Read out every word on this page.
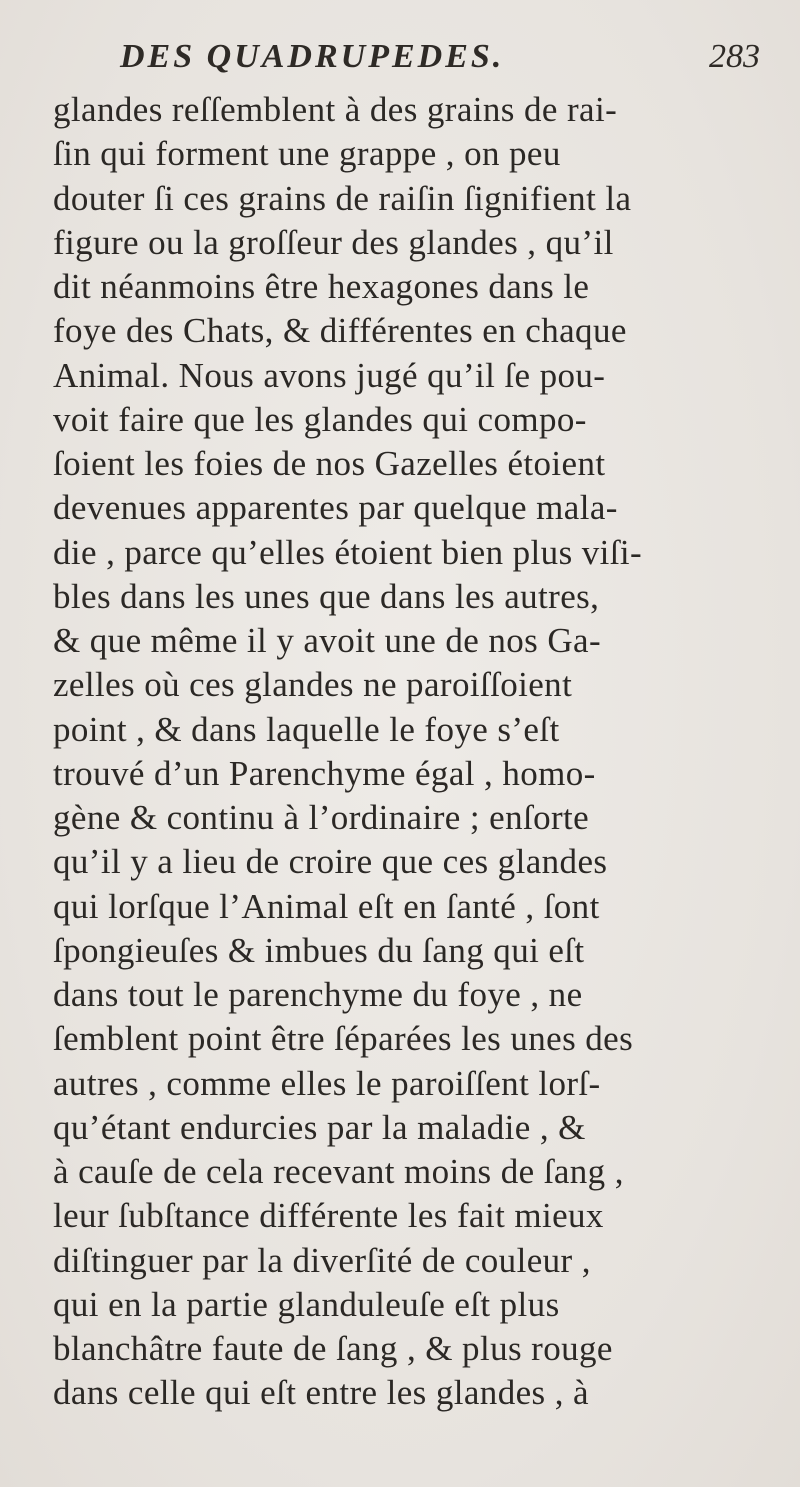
DES QUADRUPEDES.	283
glandes reſſemblent à des grains de rai-
ſin qui forment une grappe , on peu
douter ſi ces grains de raiſin ſignifient la
figure ou la groſſeur des glandes , qu’il
dit néanmoins être hexagones dans le
foye des Chats, & différentes en chaque
Animal. Nous avons jugé qu’il ſe pou-
voit faire que les glandes qui compo-
ſoient les foies de nos Gazelles étoient
devenues apparentes par quelque mala-
die , parce qu’elles étoient bien plus viſi-
bles dans les unes que dans les autres,
& que même il y avoit une de nos Ga-
zelles où ces glandes ne paroiſſoient
point , & dans laquelle le foye s’eſt
trouvé d’un Parenchyme égal , homo-
gène & continu à l’ordinaire ; enſorte
qu’il y a lieu de croire que ces glandes
qui lorſque l’Animal eſt en ſanté , ſont
ſpongieuſes & imbues du ſang qui eſt
dans tout le parenchyme du foye , ne
ſemblent point être ſéparées les unes des
autres , comme elles le paroiſſent lorſ-
qu’étant endurcies par la maladie , &
à cauſe de cela recevant moins de ſang ,
leur ſubſtance différente les fait mieux
diſtinguer par la diverſité de couleur ,
qui en la partie glanduleuſe eſt plus
blanchâtre faute de ſang , & plus rouge
dans celle qui eſt entre les glandes , à
